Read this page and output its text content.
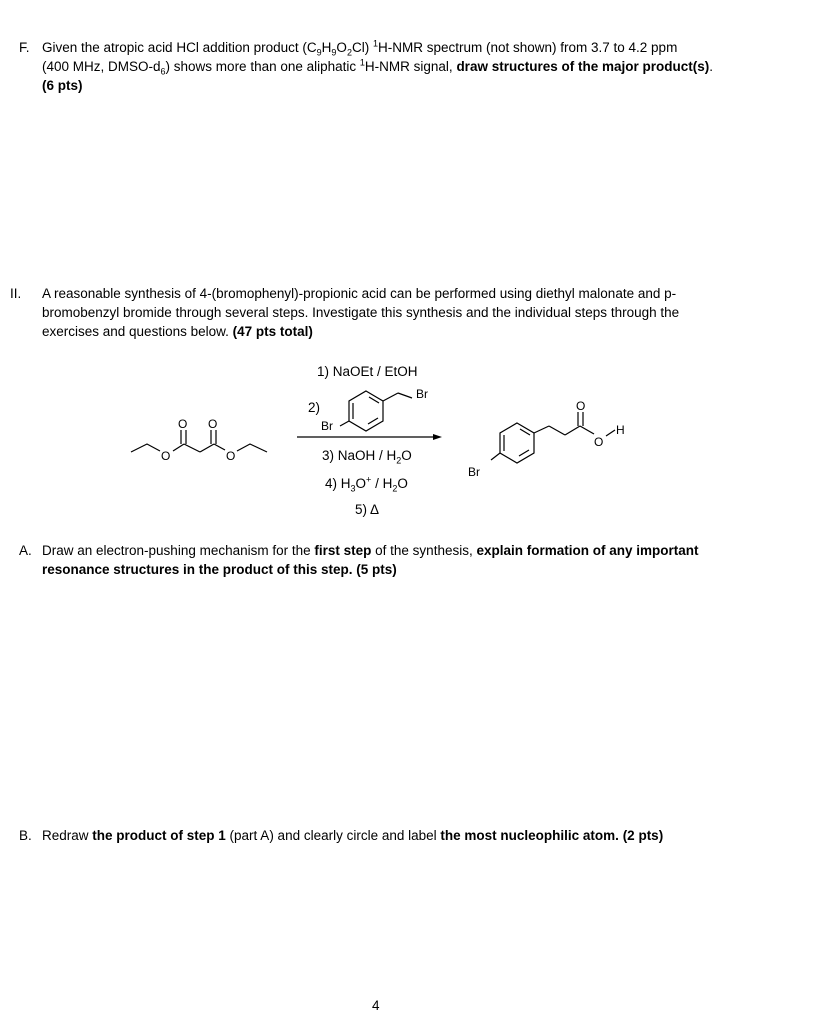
F. Given the atropic acid HCl addition product $(C_9H_9O_2Cl)$ $^1$H-NMR spectrum (not shown) from 3.7 to 4.2 ppm
(400 MHz, DMSO-$d_6$) shows more than one aliphatic $^1$H-NMR signal, draw structures of the major product(s).
(6 pts)
II.	A reasonable synthesis of 4-(bromophenyl)-propionic acid can be performed using diethyl malonate and p-
bromobenzyl bromide through several steps. Investigate this synthesis and the individual steps through the
exercises and questions below. (47 pts total)
O	O
O O
1) NaOEt / EtOH
2)
Br
Br
3) NaOH / $H_2O$
4) $H_3O^+ / H_2O$
5) Δ
O
O
H
Br
A. Draw an electron-pushing mechanism for the first step of the synthesis, explain formation of any important
resonance structures in the product of this step. (5 pts)
B. Redraw the product of step 1 (part A) and clearly circle and label the most nucleophilic atom. (2 pts)
4
